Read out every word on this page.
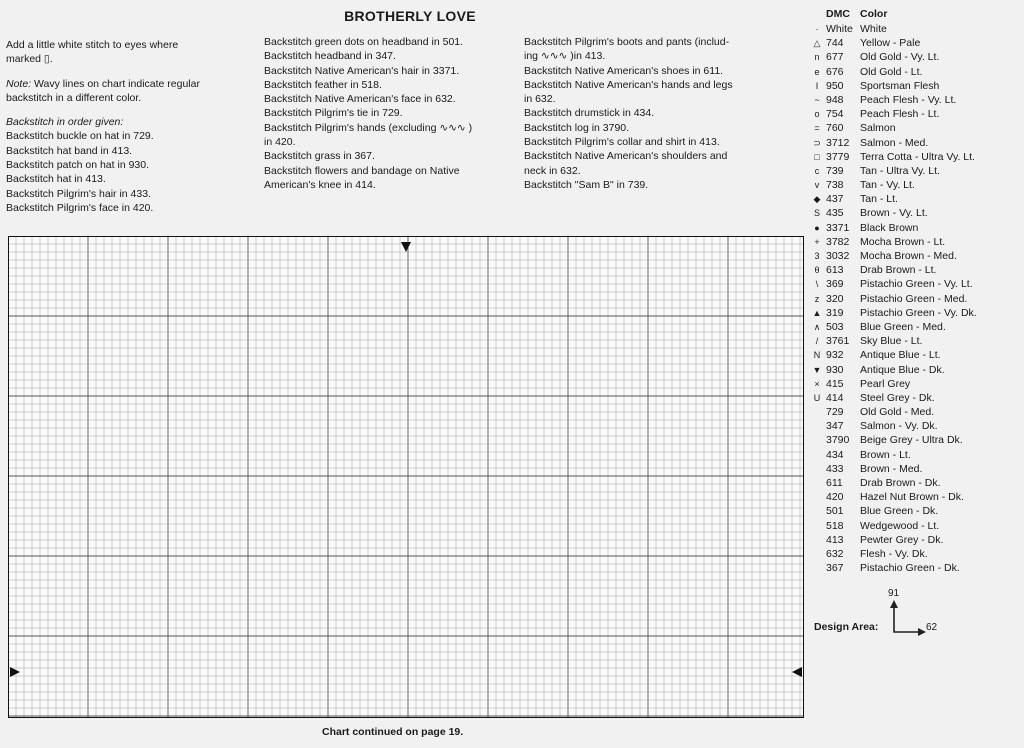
BROTHERLY LOVE

Add a little white stitch to eyes where

marked ▯.

Note: Wavy lines on chart indicate regular

backstitch in a different color.

Backstitch in order given:

Backstitch buckle on hat in 729.

Backstitch hat band in 413.

Backstitch patch on hat in 930.

Backstitch hat in 413.

Backstitch Pilgrim's hair in 433.

Backstitch Pilgrim's face in 420.

Backstitch green dots on headband in 501.

Backstitch headband in 347.

Backstitch Native American's hair in 3371.

Backstitch feather in 518.

Backstitch Native American's face in 632.

Backstitch Pilgrim's tie in 729.

Backstitch Pilgrim's hands (excluding ∿∿∿ )

in 420.

Backstitch grass in 367.

Backstitch flowers and bandage on Native

American's knee in 414.

Backstitch Pilgrim's boots and pants (includ-

ing ∿∿∿ )in 413.

Backstitch Native American's shoes in 611.

Backstitch Native American's hands and legs

in 632.

Backstitch drumstick in 434.

Backstitch log in 3790.

Backstitch Pilgrim's collar and shirt in 413.

Backstitch Native American's shoulders and

neck in 632.

Backstitch "Sam B" in 739.

Chart continued on page 19.
DMC Color
· White White
△ 744	Yellow - Pale
n 677	Old Gold - Vy. Lt.
е 676	Old Gold - Lt.
I 950	Sportsman Flesh
~ 948	Peach Flesh - Vy. Lt.
o 754	Peach Flesh - Lt.
= 760	Salmon
⊃ 3712	Salmon - Med.
□ 3779	Terra Cotta - Ultra Vy. Lt.
c 739	Tan - Ultra Vy. Lt.
v 738	Tan - Vy. Lt.
◆ 437	Tan - Lt.
S 435	Brown - Vy. Lt.
● 3371	Black Brown
+ 3782	Mocha Brown - Lt.
3 3032	Mocha Brown - Med.
θ 613	Drab Brown - Lt.
\ 369	Pistachio Green - Vy. Lt.
z 320	Pistachio Green - Med.
▲ 319	Pistachio Green - Vy. Dk.
∧ 503	Blue Green - Med.
/ 3761	Sky Blue - Lt.
N 932	Antique Blue - Lt.
▼ 930	Antique Blue - Dk.
× 415	Pearl Grey
U 414	Steel Grey - Dk.
729	Old Gold - Med.
347	Salmon - Vy. Dk.
3790	Beige Grey - Ultra Dk.
434	Brown - Lt.
433	Brown - Med.
611	Drab Brown - Dk.
420	Hazel Nut Brown - Dk.
501	Blue Green - Dk.
518	Wedgewood - Lt.
413	Pewter Grey - Dk.
632	Flesh - Vy. Dk.
367	Pistachio Green - Dk.
Design Area:
91
62
